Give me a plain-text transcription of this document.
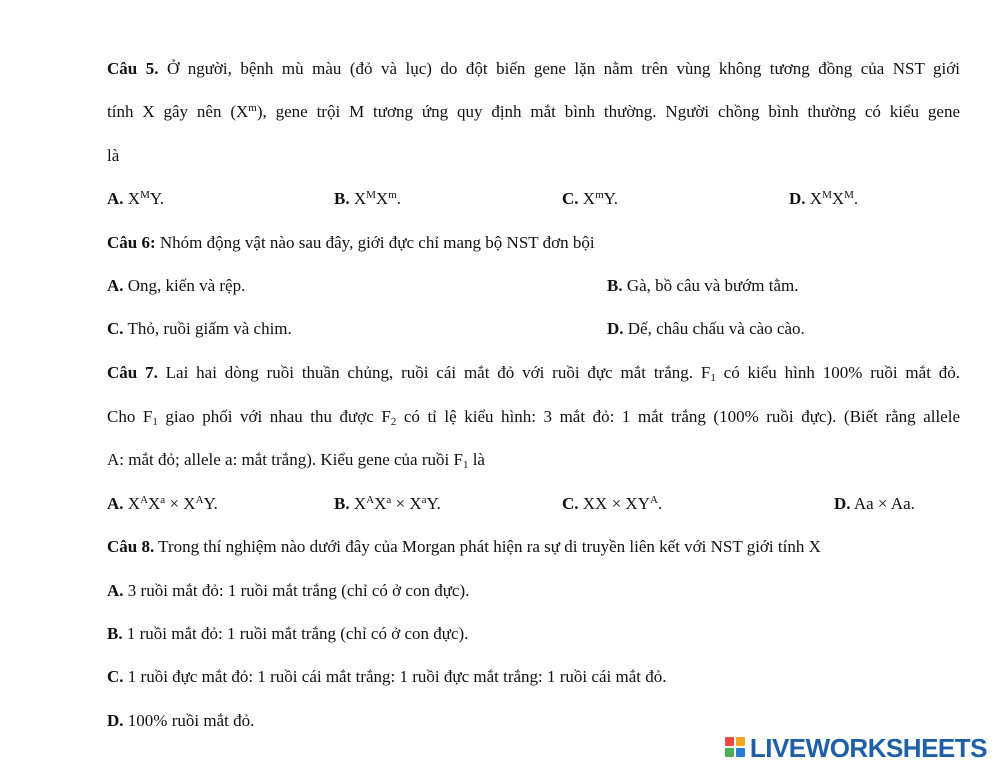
Câu 5. Ở người, bệnh mù màu (đỏ và lục) do đột biến gene lặn nằm trên vùng không tương đồng của NST giới
tính X gây nên $(X^m)$, gene trội M tương ứng quy định mắt bình thường. Người chồng bình thường có kiểu gene
là
A. $X^MY$.	B. $X^MX^m$.	C. $X^mY$.	D. $X^MX^M$.
Câu 6: Nhóm động vật nào sau đây, giới đực chỉ mang bộ NST đơn bội
A. Ong, kiến và rệp.	B. Gà, bồ câu và bướm tằm.
C. Thỏ, ruồi giấm và chim.	D. Dế, châu chấu và cào cào.
Câu 7. Lai hai dòng ruồi thuần chủng, ruồi cái mắt đỏ với ruồi đực mắt trắng. $F_1$ có kiểu hình 100% ruồi mắt đỏ.
Cho $F_1$ giao phối với nhau thu được $F_2$ có tỉ lệ kiểu hình: 3 mắt đỏ: 1 mắt trắng (100% ruồi đực). (Biết rằng allele
A: mắt đỏ; allele a: mắt trắng). Kiểu gene của ruồi $F_1$ là
A. $X^AX^a \times X^AY$.	B. $X^AX^a \times X^aY$.	C. XX × $XY^A$.	D. Aa × Aa.
Câu 8. Trong thí nghiệm nào dưới đây của Morgan phát hiện ra sự di truyền liên kết với NST giới tính X
A. 3 ruồi mắt đỏ: 1 ruồi mắt trắng (chỉ có ở con đực).
B. 1 ruồi mắt đỏ: 1 ruồi mắt trắng (chỉ có ở con đực).
C. 1 ruồi đực mắt đỏ: 1 ruồi cái mắt trắng: 1 ruồi đực mắt trắng: 1 ruồi cái mắt đỏ.
D. 100% ruồi mắt đỏ.
LIVEWORKSHEETS
